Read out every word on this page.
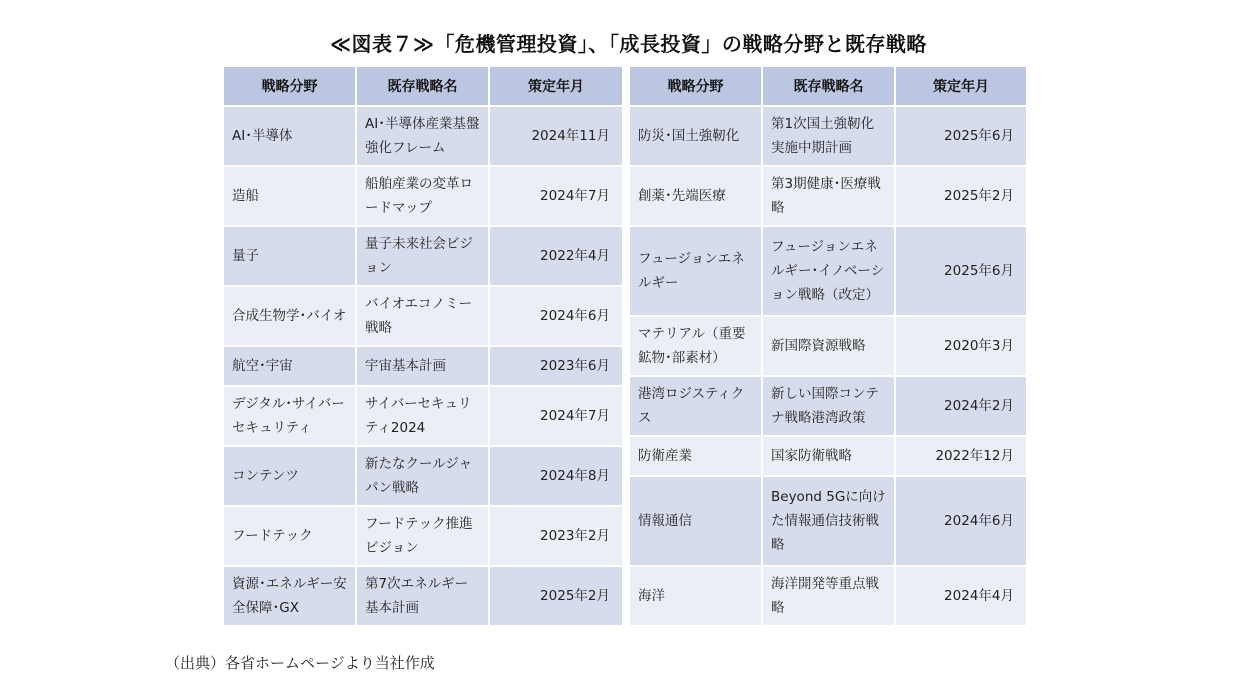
≪図表７≫「危機管理投資」、「成長投資」の戦略分野と既存戦略
戦略分野	既存戦略名	策定年月
AI･半導体	AI･半導体産業基盤強化フレーム	2024年11月
造船	船舶産業の変革ロードマップ	2024年7月
量子	量子未来社会ビジョン	2022年4月
合成生物学･バイオ	バイオエコノミー戦略	2024年6月
航空･宇宙	宇宙基本計画	2023年6月
デジタル･サイバーセキュリティ	サイバーセキュリティ2024	2024年7月
コンテンツ	新たなクールジャパン戦略	2024年8月
フードテック	フードテック推進ビジョン	2023年2月
資源･エネルギー安全保障･GX	第7次エネルギー基本計画	2025年2月
戦略分野	既存戦略名	策定年月
防災･国土強靭化	第1次国土強靭化実施中期計画	2025年6月
創薬･先端医療	第3期健康･医療戦略	2025年2月
フュージョンエネルギー	フュージョンエネルギー･イノベーション戦略（改定）	2025年6月
マテリアル（重要鉱物･部素材）	新国際資源戦略	2020年3月
港湾ロジスティクス	新しい国際コンテナ戦略港湾政策	2024年2月
防衛産業	国家防衛戦略	2022年12月
情報通信	Beyond 5Gに向けた情報通信技術戦略	2024年6月
海洋	海洋開発等重点戦略	2024年4月
（出典）各省ホームページより当社作成
